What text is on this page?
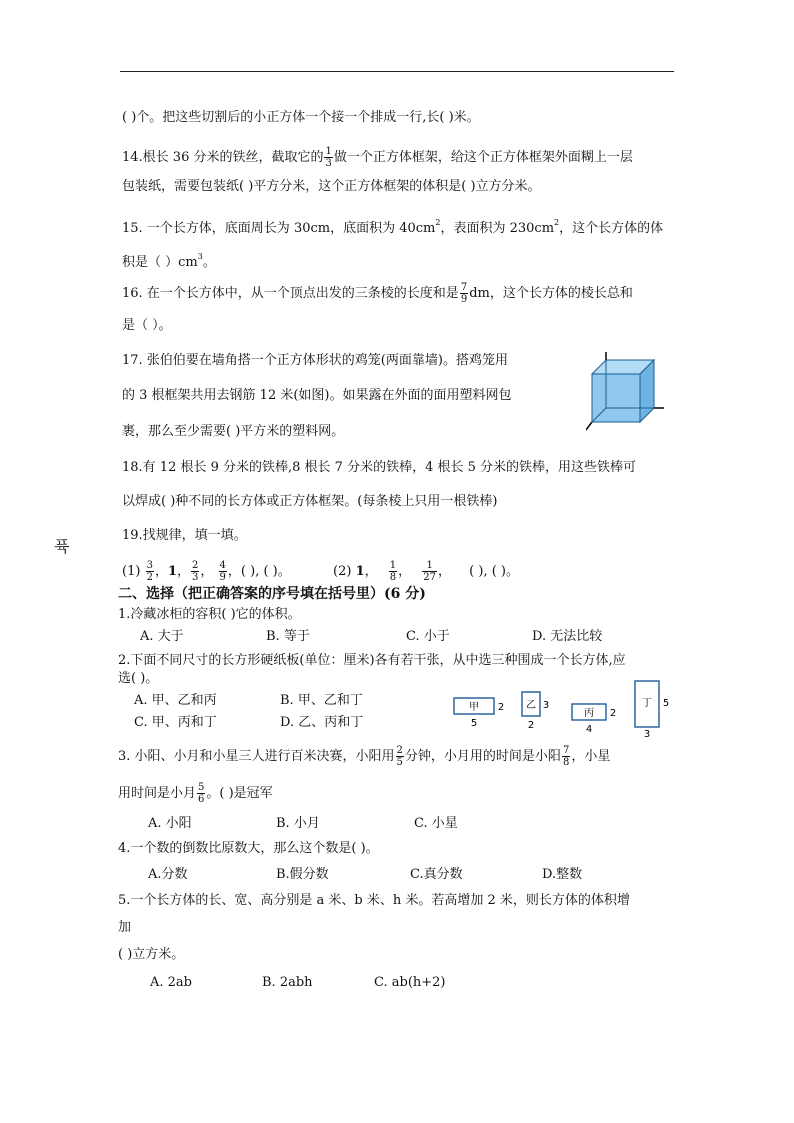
( )个。把这些切割后的小正方体一个接一个排成一行,长( )米。
14.根长 36 分米的铁丝，截取它的 $\frac{1}{3}$ 做一个正方体框架，给这个正方体框架外面糊上一层
包装纸，需要包装纸( )平方分米，这个正方体框架的体积是( )立方分米。
15. 一个长方体，底面周长为 30cm，底面积为 $40cm^2$，表面积为 $230cm^2$，这个长方体的体
积是（ ）$cm^3$。
16. 在一个长方体中，从一个顶点出发的三条棱的长度和是 $\frac{7}{9}$ dm，这个长方体的棱长总和
是（ ）。
17. 张伯伯要在墙角搭一个正方体形状的鸡笼(两面靠墙)。搭鸡笼用
的 3 根框架共用去钢筋 12 米(如图)。如果露在外面的面用塑料网包
裹，那么至少需要( )平方米的塑料网。
18.有 12 根长 9 分米的铁棒,8 根长 7 分米的铁棒，4 根长 5 分米的铁棒，用这些铁棒可
以焊成( )种不同的长方体或正方体框架。(每条棱上只用一根铁棒)
퓩
19.找规律，填一填。
$(1) \frac{3}{2}$ ，1， $\frac{2}{3}$ ， $\frac{4}{9}$ ，( ), ( )。	(2) 1， $\frac{1}{8}$ ， $\frac{1}{27}$ ， ( ), ( )。
二、选择（把正确答案的序号填在括号里）(6 分)
1.冷藏冰柜的容积( )它的体积。
A. 大于	B. 等于	C. 小于	D. 无法比较
2.下面不同尺寸的长方形硬纸板(单位：厘米)各有若干张，从中选三种围成一个长方体,应
选( )。
A. 甲、乙和丙	B. 甲、乙和丁
C. 甲、丙和丁	D. 乙、丙和丁
甲
5
2 乙
2
3
丙
4
2
丁
3
5
3. 小阳、小月和小星三人进行百米决赛，小阳用 $\frac{2}{5}$ 分钟，小月用的时间是小阳 $\frac{7}{8}$ ，小星
用时间是小月 $\frac{5}{6}$ 。( )是冠军
A. 小阳	B. 小月	C. 小星
4.一个数的倒数比原数大，那么这个数是( )。
A.分数	B.假分数	C.真分数	D.整数
5.一个长方体的长、宽、高分别是 a 米、b 米、h 米。若高增加 2 米，则长方体的体积增
加
( )立方米。
A. 2ab	B. 2abh	C. ab(h+2)
